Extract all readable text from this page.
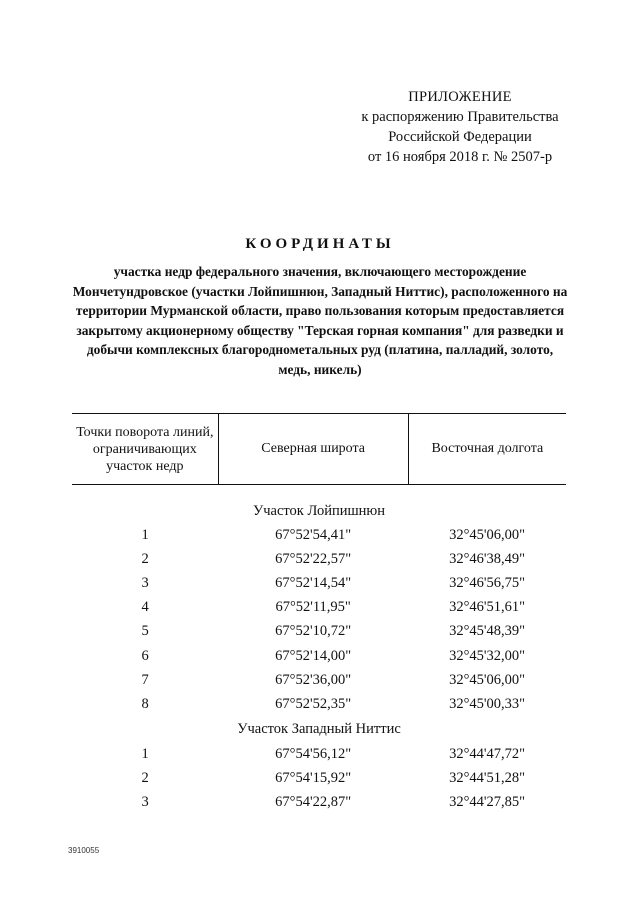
ПРИЛОЖЕНИЕ
к распоряжению Правительства
Российской Федерации
от 16 ноября 2018 г. № 2507-р
КООРДИНАТЫ
участка недр федерального значения, включающего месторождение Мончетундровское (участки Лойпишнюн, Западный Ниттис), расположенного на территории Мурманской области, право пользования которым предоставляется закрытому акционерному обществу "Терская горная компания" для разведки и добычи комплексных благороднометальных руд (платина, палладий, золото, медь, никель)
Точки поворота линий, ограничивающих участок недр	Северная широта	Восточная долгота
Участок Лойпишнюн		
1	67°52'54,41"	32°45'06,00"
2	67°52'22,57"	32°46'38,49"
3	67°52'14,54"	32°46'56,75"
4	67°52'11,95"	32°46'51,61"
5	67°52'10,72"	32°45'48,39"
6	67°52'14,00"	32°45'32,00"
7	67°52'36,00"	32°45'06,00"
8	67°52'52,35"	32°45'00,33"
Участок Западный Ниттис		
1	67°54'56,12"	32°44'47,72"
2	67°54'15,92"	32°44'51,28"
3	67°54'22,87"	32°44'27,85"
3910055
